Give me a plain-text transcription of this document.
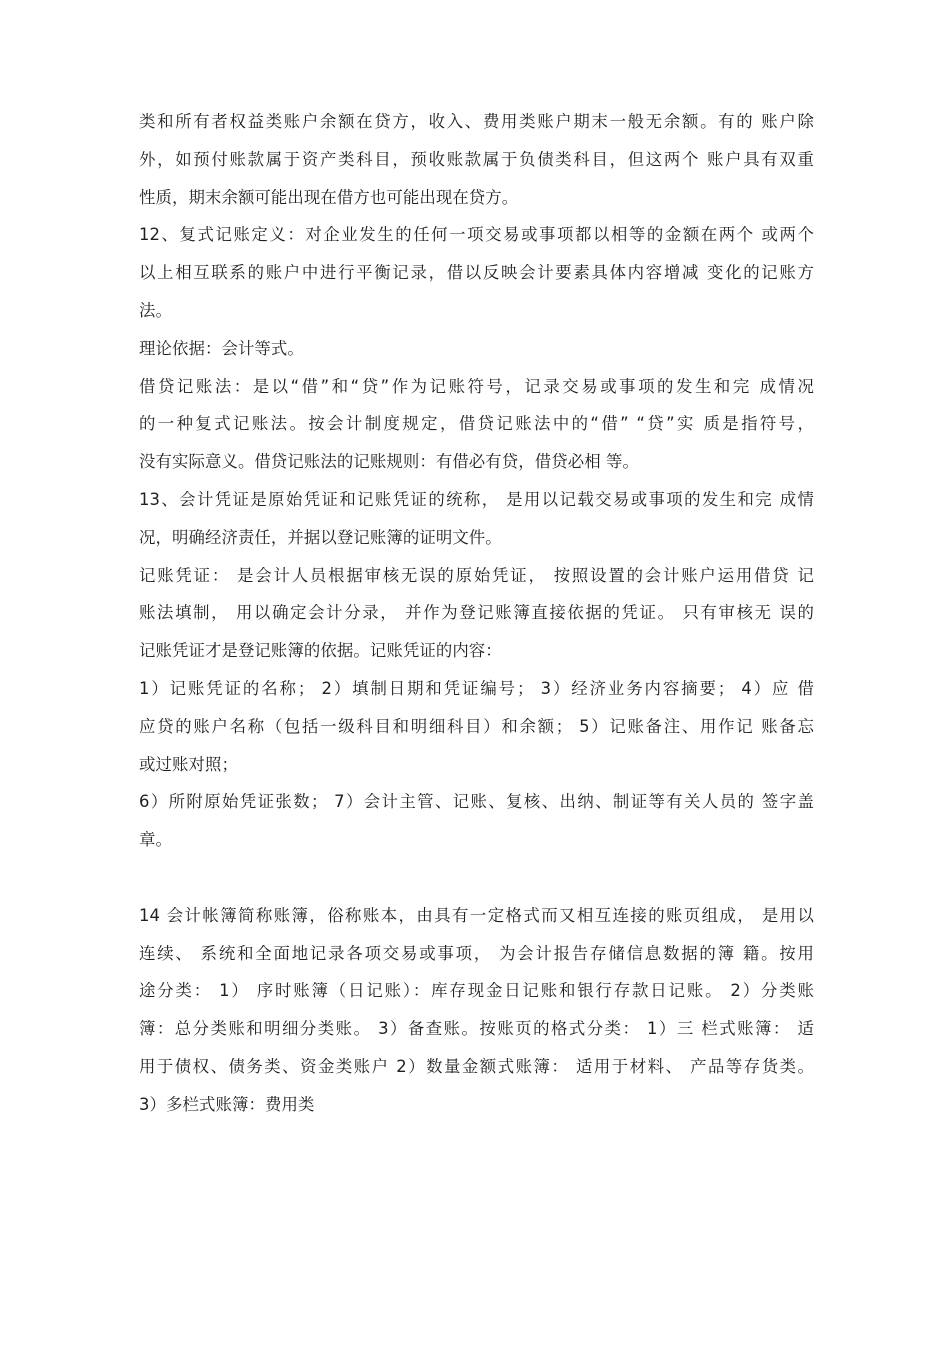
类和所有者权益类账户余额在贷方，收入、费用类账户期末一般无余额。有的 账户除
外，如预付账款属于资产类科目，预收账款属于负债类科目，但这两个 账户具有双重
性质，期末余额可能出现在借方也可能出现在贷方。
12、复式记账定义：对企业发生的任何一项交易或事项都以相等的金额在两个 或两个
以上相互联系的账户中进行平衡记录，借以反映会计要素具体内容增减 变化的记账方
法。
理论依据：会计等式。
借贷记账法：是以“借”和“贷”作为记账符号，记录交易或事项的发生和完 成情况
的一种复式记账法。按会计制度规定，借贷记账法中的“借” “贷”实 质是指符号，
没有实际意义。借贷记账法的记账规则：有借必有贷，借贷必相 等。
13、会计凭证是原始凭证和记账凭证的统称， 是用以记载交易或事项的发生和完 成情
况，明确经济责任，并据以登记账簿的证明文件。
记账凭证： 是会计人员根据审核无误的原始凭证， 按照设置的会计账户运用借贷 记
账法填制， 用以确定会计分录， 并作为登记账簿直接依据的凭证。 只有审核无 误的
记账凭证才是登记账簿的依据。记账凭证的内容：
1）记账凭证的名称； 2）填制日期和凭证编号； 3）经济业务内容摘要； 4）应 借
应贷的账户名称（包括一级科目和明细科目）和余额； 5）记账备注、用作记 账备忘
或过账对照；
6）所附原始凭证张数； 7）会计主管、记账、复核、出纳、制证等有关人员的 签字盖
章。
14 会计帐簿简称账簿，俗称账本，由具有一定格式而又相互连接的账页组成， 是用以
连续、 系统和全面地记录各项交易或事项， 为会计报告存储信息数据的簿 籍。按用
途分类： 1） 序时账簿（日记账）：库存现金日记账和银行存款日记账。 2）分类账
簿：总分类账和明细分类账。 3）备查账。按账页的格式分类： 1）三 栏式账簿： 适
用于债权、债务类、资金类账户 2）数量金额式账簿： 适用于材料、 产品等存货类。
3）多栏式账簿：费用类
